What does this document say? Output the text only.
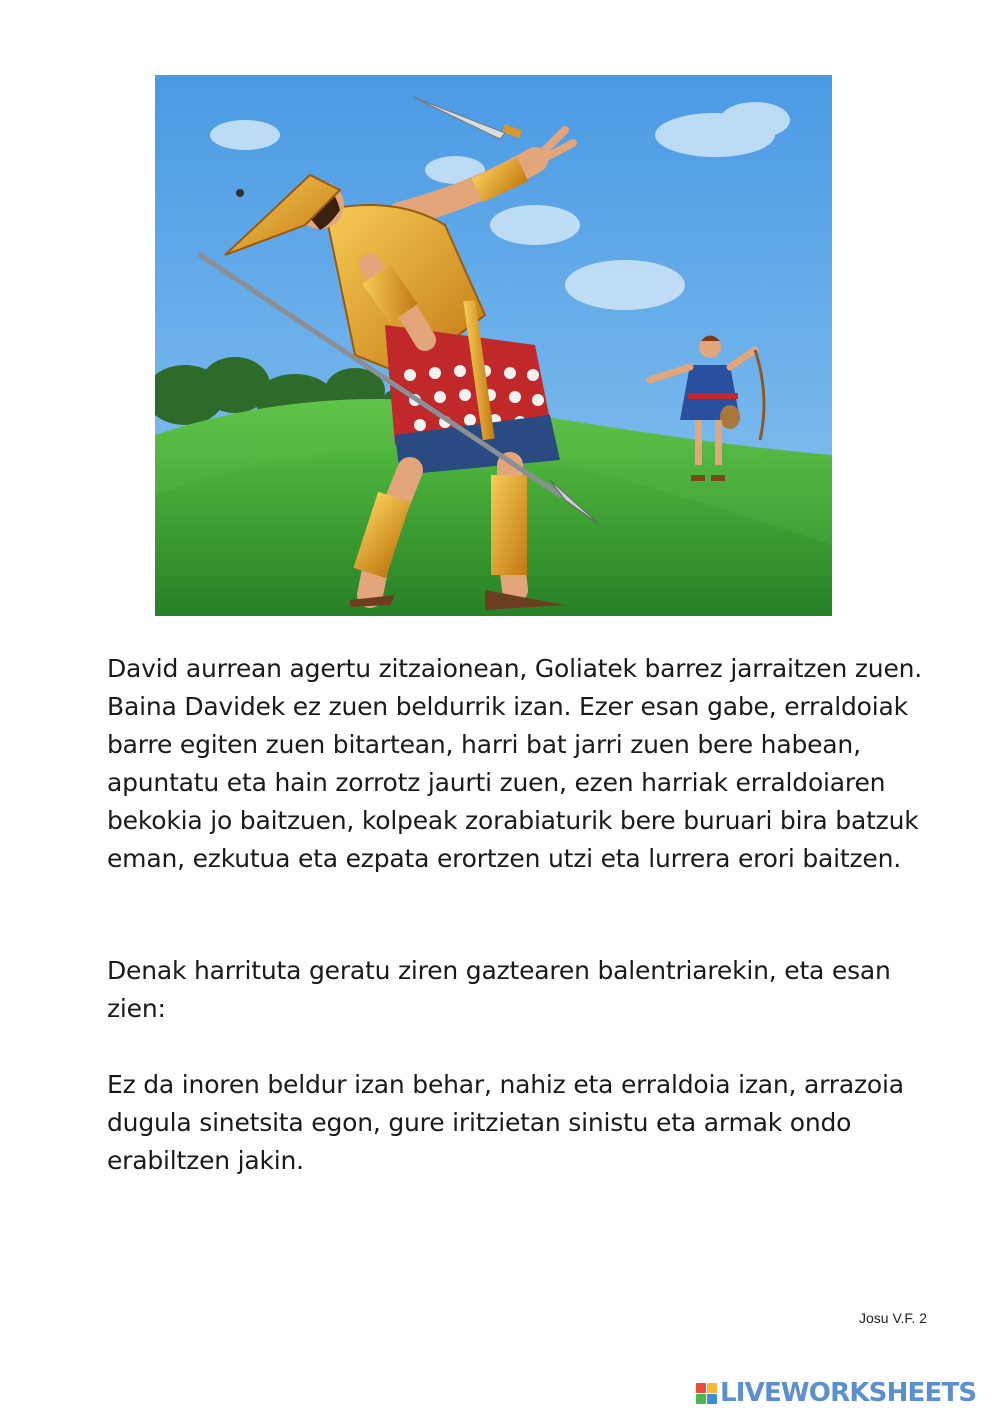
David aurrean agertu zitzaionean, Goliatek barrez jarraitzen zuen. Baina Davidek ez zuen beldurrik izan. Ezer esan gabe, erraldoiak barre egiten zuen bitartean, harri bat jarri zuen bere habean, apuntatu eta hain zorrotz jaurti zuen, ezen harriak erraldoiaren bekokia jo baitzuen, kolpeak zorabiaturik bere buruari bira batzuk eman, ezkutua eta ezpata erortzen utzi eta lurrera erori baitzen.

Denak harrituta geratu ziren gaztearen balentriarekin, eta esan zien:

Ez da inoren beldur izan behar, nahiz eta erraldoia izan, arrazoia dugula sinetsita egon, gure iritzietan sinistu eta armak ondo erabiltzen jakin.

Josu V.F. 2
LIVEWORKSHEETS
